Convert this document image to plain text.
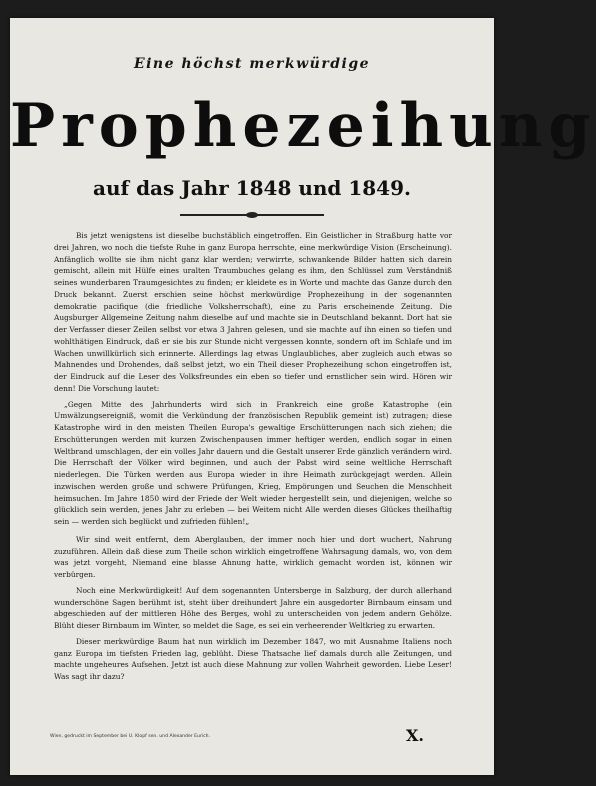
Eine höchst merkwürdige
Prophezeihung
auf das Jahr 1848 und 1849.

Bis jetzt wenigstens ist dieselbe buchstäblich eingetroffen. Ein Geistlicher in Straßburg hatte vor drei Jahren, wo noch die tiefste Ruhe in ganz Europa herrschte, eine merkwürdige Vision (Erscheinung). Anfänglich wollte sie ihm nicht ganz klar werden; verwirrte, schwankende Bilder hatten sich darein gemischt, allein mit Hülfe eines uralten Traumbuches gelang es ihm, den Schlüssel zum Verständniß seines wunderbaren Traumgesichtes zu finden; er kleidete es in Worte und machte das Ganze durch den Druck bekannt. Zuerst erschien seine höchst merkwürdige Prophezeihung in der sogenannten demokratie pacifique (die friedliche Volksherrschaft), eine zu Paris erscheinende Zeitung. Die Augsburger Allgemeine Zeitung nahm dieselbe auf und machte sie in Deutschland bekannt. Dort hat sie der Verfasser dieser Zeilen selbst vor etwa 3 Jahren gelesen, und sie machte auf ihn einen so tiefen und wohlthätigen Eindruck, daß er sie bis zur Stunde nicht vergessen konnte, sondern oft im Schlafe und im Wachen unwillkürlich sich erinnerte. Allerdings lag etwas Unglaubliches, aber zugleich auch etwas so Mahnendes und Drohendes, daß selbst jetzt, wo ein Theil dieser Prophezeihung schon eingetroffen ist, der Eindruck auf die Leser des Volksfreundes ein eben so tiefer und ernstlicher sein wird. Hören wir denn! Die Vorschung lautet:

„Gegen Mitte des Jahrhunderts wird sich in Frankreich eine große Katastrophe (ein Umwälzungsereigniß, womit die Verkündung der französischen Republik gemeint ist) zutragen; diese Katastrophe wird in den meisten Theilen Europa's gewaltige Erschütterungen nach sich ziehen; die Erschütterungen werden mit kurzen Zwischenpausen immer heftiger werden, endlich sogar in einen Weltbrand umschlagen, der ein volles Jahr dauern und die Gestalt unserer Erde gänzlich verändern wird. Die Herrschaft der Völker wird beginnen, und auch der Pabst wird seine weltliche Herrschaft niederlegen. Die Türken werden aus Europa wieder in ihre Heimath zurückgejagt werden. Allein inzwischen werden große und schwere Prüfungen, Krieg, Empörungen und Seuchen die Menschheit heimsuchen. Im Jahre 1850 wird der Friede der Welt wieder hergestellt sein, und diejenigen, welche so glücklich sein werden, jenes Jahr zu erleben — bei Weitem nicht Alle werden dieses Glückes theilhaftig sein — werden sich beglückt und zufrieden fühlen!„

Wir sind weit entfernt, dem Aberglauben, der immer noch hier und dort wuchert, Nahrung zuzuführen. Allein daß diese zum Theile schon wirklich eingetroffene Wahrsagung damals, wo, von dem was jetzt vorgeht, Niemand eine blasse Ahnung hatte, wirklich gemacht worden ist, können wir verbürgen.

Noch eine Merkwürdigkeit! Auf dem sogenannten Untersberge in Salzburg, der durch allerhand wunderschöne Sagen berühmt ist, steht über dreihundert Jahre ein ausgedorter Birnbaum einsam und abgeschieden auf der mittleren Höhe des Berges, wohl zu unterscheiden von jedem andern Gehölze. Blüht dieser Birnbaum im Winter, so meldet die Sage, es sei ein verheerender Weltkrieg zu erwarten.

Dieser merkwürdige Baum hat nun wirklich im Dezember 1847, wo mit Ausnahme Italiens noch ganz Europa im tiefsten Frieden lag, geblüht. Diese Thatsache lief damals durch alle Zeitungen, und machte ungeheures Aufsehen. Jetzt ist auch diese Mahnung zur vollen Wahrheit geworden. Liebe Leser! Was sagt ihr dazu?

Wien, gedruckt im September bei U. Klopf sen. und Alexander Eurich.	X.
